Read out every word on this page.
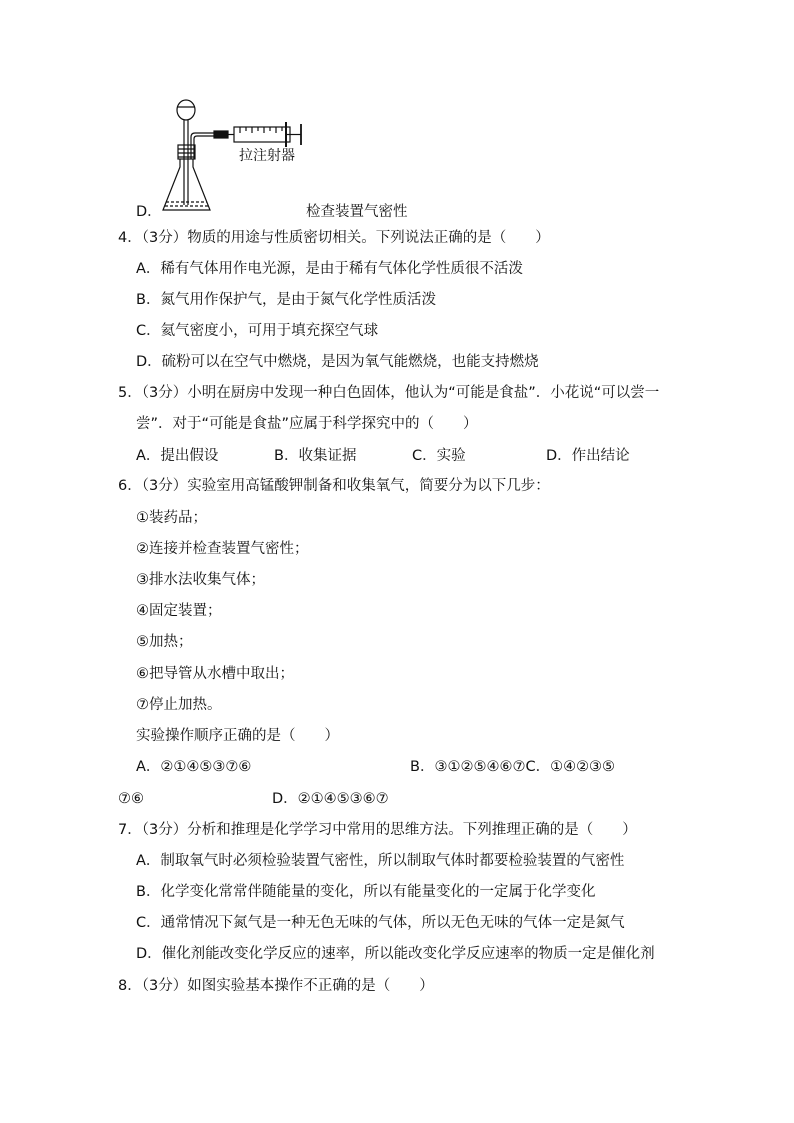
拉注射器
D．	检查装置气密性
4．（3分）物质的用途与性质密切相关。下列说法正确的是（　　）
A．稀有气体用作电光源，是由于稀有气体化学性质很不活泼
B．氮气用作保护气，是由于氮气化学性质活泼
C．氦气密度小，可用于填充探空气球
D．硫粉可以在空气中燃烧，是因为氧气能燃烧，也能支持燃烧
5．（3分）小明在厨房中发现一种白色固体，他认为“可能是食盐”．小花说“可以尝一
尝”．对于“可能是食盐”应属于科学探究中的（　　）
A．提出假设	B．收集证据	C．实验	D．作出结论
6．（3分）实验室用高锰酸钾制备和收集氧气，简要分为以下几步：
①装药品；
②连接并检查装置气密性；
③排水法收集气体；
④固定装置；
⑤加热；
⑥把导管从水槽中取出；
⑦停止加热。
实验操作顺序正确的是（　　）
A．②①④⑤③⑦⑥	B．③①②⑤④⑥⑦C．①④②③⑤
⑦⑥	D．②①④⑤③⑥⑦
7．（3分）分析和推理是化学学习中常用的思维方法。下列推理正确的是（　　）
A．制取氧气时必须检验装置气密性，所以制取气体时都要检验装置的气密性
B．化学变化常常伴随能量的变化，所以有能量变化的一定属于化学变化
C．通常情况下氮气是一种无色无味的气体，所以无色无味的气体一定是氮气
D．催化剂能改变化学反应的速率，所以能改变化学反应速率的物质一定是催化剂
8．（3分）如图实验基本操作不正确的是（　　）
